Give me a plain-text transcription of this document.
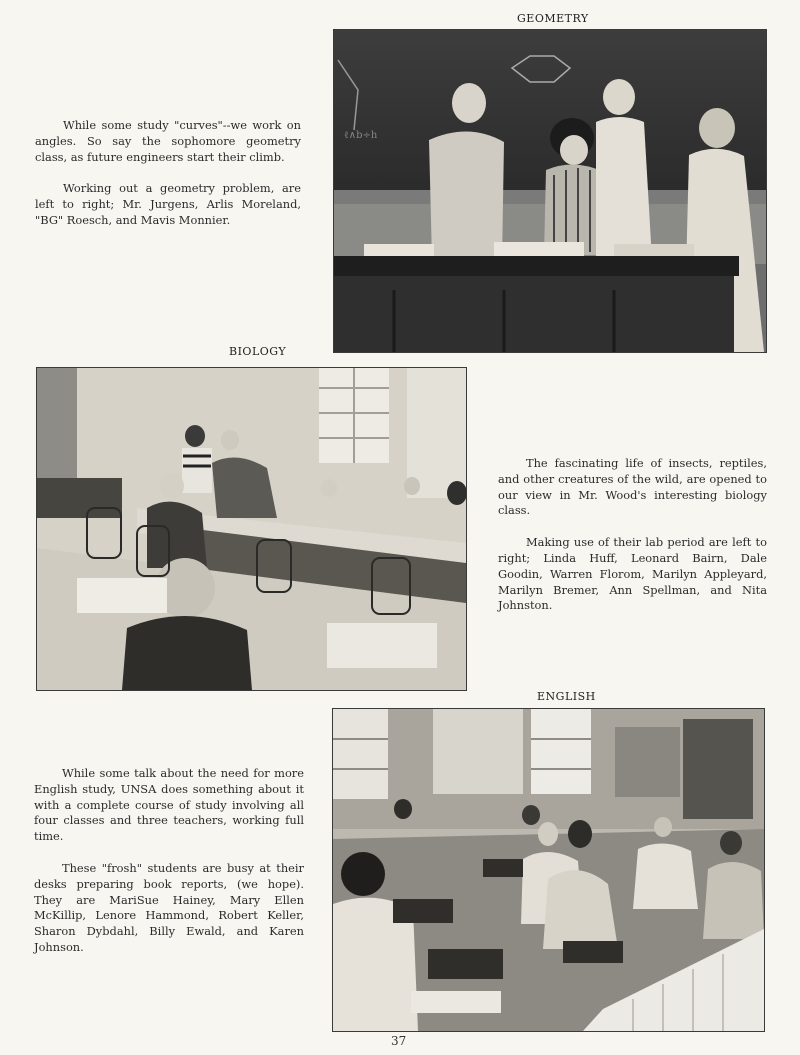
GEOMETRY
ℓ∧b÷h

While some study "curves"--we work on angles. So say the sophomore geometry class, as future engineers start their climb.

Working out a geometry problem, are left to right; Mr. Jurgens, Arlis Moreland, "BG" Roesch, and Mavis Monnier.

BIOLOGY

The fascinating life of insects, reptiles, and other creatures of the wild, are opened to our view in Mr. Wood's interesting biology class.

Making use of their lab period are left to right; Linda Huff, Leonard Bairn, Dale Goodin, Warren Florom, Marilyn Appleyard, Marilyn Bremer, Ann Spellman, and Nita Johnston.

ENGLISH

While some talk about the need for more English study, UNSA does something about it with a complete course of study involving all four classes and three teachers, working full time.

These "frosh" students are busy at their desks preparing book reports, (we hope). They are MariSue Hainey, Mary Ellen McKillip, Lenore Hammond, Robert Keller, Sharon Dybdahl, Billy Ewald, and Karen Johnson.

37
